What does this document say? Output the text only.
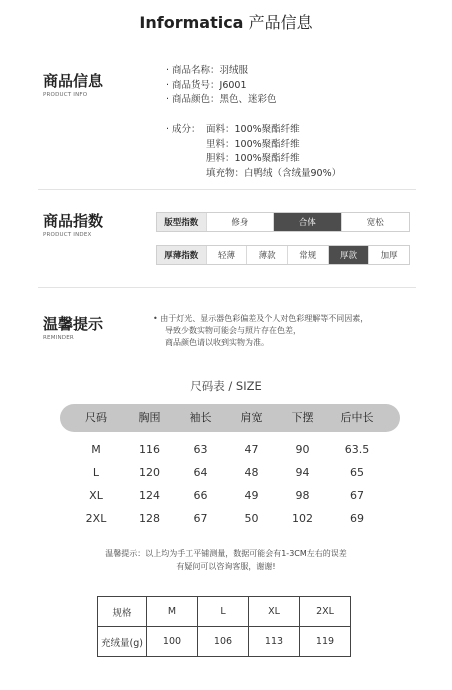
Informatica 产品信息
商品信息
PRODUCT INFO
· 商品名称：羽绒服
· 商品货号：J6001
· 商品颜色：黑色、迷彩色
· 成分： 面料：100%聚酯纤维
里料：100%聚酯纤维
胆料：100%聚酯纤维
填充物：白鸭绒（含绒量90%）
商品指数
PRODUCT INDEX
版型指数	修身	合体	宽松
厚薄指数	轻薄	薄款	常规	厚款	加厚
温馨提示
REMINDER
• 由于灯光、显示器色彩偏差及个人对色彩理解等不同因素，
导致少数实物可能会与照片存在色差，
商品颜色请以收到实物为准。
尺码表 / SIZE
尺码	胸围	袖长	肩宽	下摆	后中长
M	116	63	47	90	63.5
L	120	64	48	94	65
XL	124	66	49	98	67
2XL	128	67	50	102	69
温馨提示：以上均为手工平铺测量，数据可能会有1-3CM左右的误差
有疑问可以咨询客服，谢谢!
规格	M	L	XL	2XL
充绒量(g)	100	106	113	119
